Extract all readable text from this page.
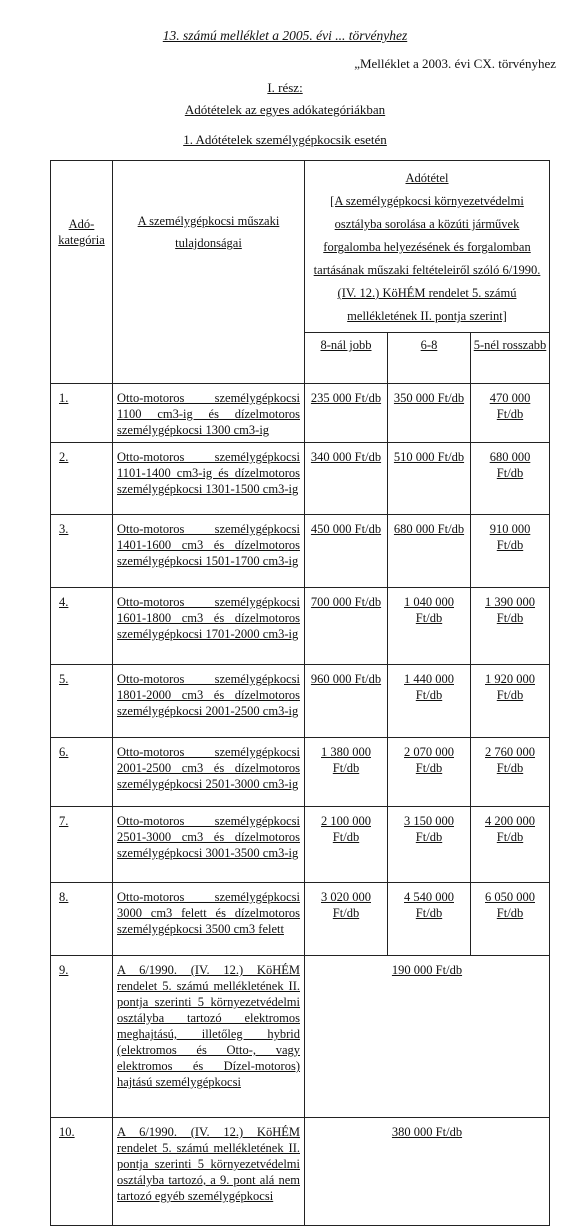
13. számú melléklet a 2005. évi ... törvényhez
„Melléklet a 2003. évi CX. törvényhez
I. rész:
Adótételek az egyes adókategóriákban
1. Adótételek személygépkocsik esetén
Adó-
kategória	A személygépkocsi műszaki tulajdonságai	Adótétel
[A személygépkocsi környezetvédelmi osztályba sorolása a közúti járművek forgalomba helyezésének és forgalomban tartásának műszaki feltételeiről szóló 6/1990. (IV. 12.) KöHÉM rendelet 5. számú mellékletének II. pontja szerint]		
		8-nál jobb	6-8	5-nél rosszabb
1.	Otto-motoros személygépkocsi 1100 cm3-ig és dízelmotoros személygépkocsi 1300 cm3-ig	235 000 Ft/db	350 000 Ft/db	470 000 Ft/db
2.	Otto-motoros személygépkocsi 1101-1400 cm3-ig és dízelmotoros személygépkocsi 1301-1500 cm3-ig	340 000 Ft/db	510 000 Ft/db	680 000 Ft/db
3.	Otto-motoros személygépkocsi 1401-1600 cm3 és dízelmotoros személygépkocsi 1501-1700 cm3-ig	450 000 Ft/db	680 000 Ft/db	910 000 Ft/db
4.	Otto-motoros személygépkocsi 1601-1800 cm3 és dízelmotoros személygépkocsi 1701-2000 cm3-ig	700 000 Ft/db	1 040 000 Ft/db	1 390 000 Ft/db
5.	Otto-motoros személygépkocsi 1801-2000 cm3 és dízelmotoros személygépkocsi 2001-2500 cm3-ig	960 000 Ft/db	1 440 000 Ft/db	1 920 000 Ft/db
6.	Otto-motoros személygépkocsi 2001-2500 cm3 és dízelmotoros személygépkocsi 2501-3000 cm3-ig	1 380 000 Ft/db	2 070 000 Ft/db	2 760 000 Ft/db
7.	Otto-motoros személygépkocsi 2501-3000 cm3 és dízelmotoros személygépkocsi 3001-3500 cm3-ig	2 100 000 Ft/db	3 150 000 Ft/db	4 200 000 Ft/db
8.	Otto-motoros személygépkocsi 3000 cm3 felett és dízelmotoros személygépkocsi 3500 cm3 felett	3 020 000 Ft/db	4 540 000 Ft/db	6 050 000 Ft/db
9.	A 6/1990. (IV. 12.) KöHÉM rendelet 5. számú mellékletének II. pontja szerinti 5 környezetvédelmi osztályba tartozó elektromos meghajtású, illetőleg hybrid (elektromos és Otto-, vagy elektromos és Dízel-motoros) hajtású személygépkocsi	190 000 Ft/db		
10.	A 6/1990. (IV. 12.) KöHÉM rendelet 5. számú mellékletének II. pontja szerinti 5 környezetvédelmi osztályba tartozó, a 9. pont alá nem tartozó egyéb személygépkocsi	380 000 Ft/db		
